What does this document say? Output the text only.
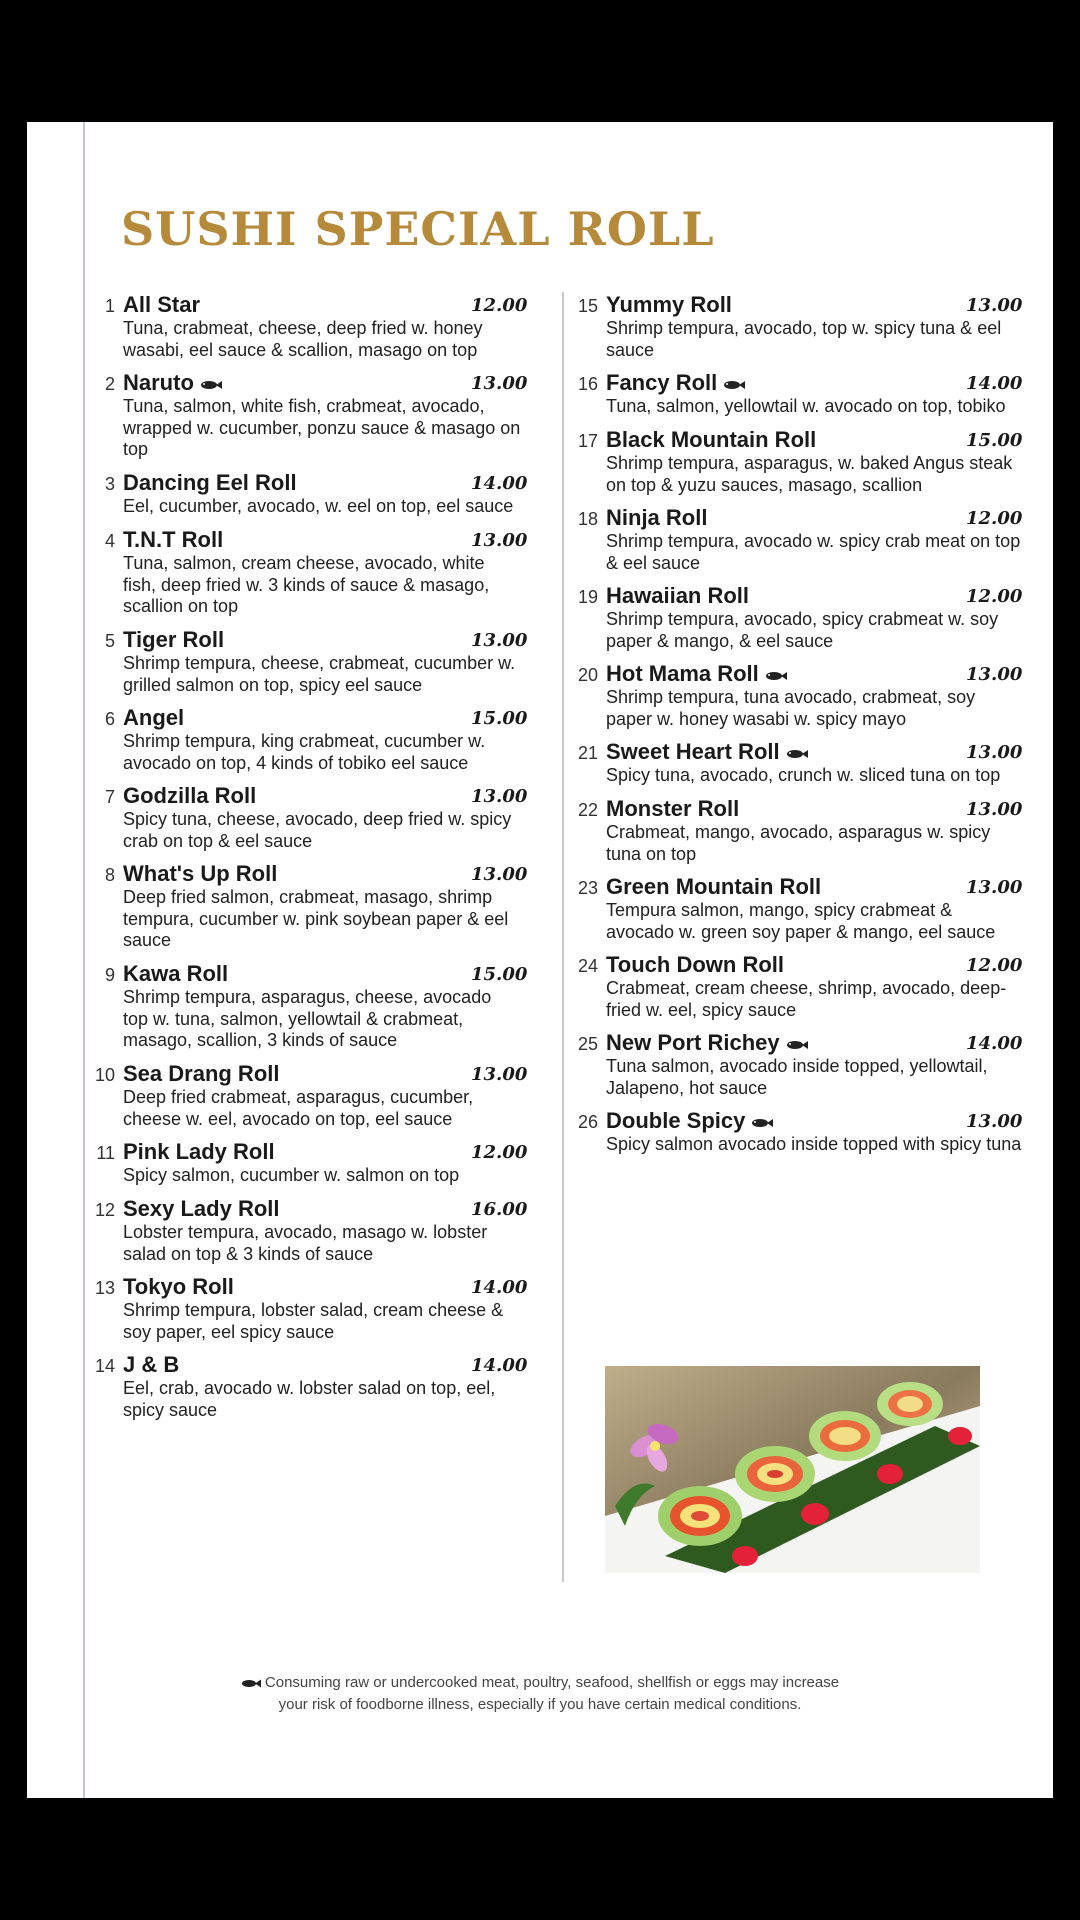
SUSHI SPECIAL ROLL
1 All Star	12.00
Tuna, crabmeat, cheese, deep fried w. honey wasabi, eel sauce & scallion, masago on top
2 Naruto	13.00
Tuna, salmon, white fish, crabmeat, avocado, wrapped w. cucumber, ponzu sauce & masago on top
3 Dancing Eel Roll	14.00
Eel, cucumber, avocado, w. eel on top, eel sauce
4 T.N.T Roll	13.00
Tuna, salmon, cream cheese, avocado, white fish, deep fried w. 3 kinds of sauce & masago, scallion on top
5 Tiger Roll	13.00
Shrimp tempura, cheese, crabmeat, cucumber w. grilled salmon on top, spicy eel sauce
6 Angel	15.00
Shrimp tempura, king crabmeat, cucumber w. avocado on top, 4 kinds of tobiko eel sauce
7 Godzilla Roll	13.00
Spicy tuna, cheese, avocado, deep fried w. spicy crab on top & eel sauce
8 What's Up Roll	13.00
Deep fried salmon, crabmeat, masago, shrimp tempura, cucumber w. pink soybean paper & eel sauce
9 Kawa Roll	15.00
Shrimp tempura, asparagus, cheese, avocado top w. tuna, salmon, yellowtail & crabmeat, masago, scallion, 3 kinds of sauce
10 Sea Drang Roll	13.00
Deep fried crabmeat, asparagus, cucumber, cheese w. eel, avocado on top, eel sauce
11 Pink Lady Roll	12.00
Spicy salmon, cucumber w. salmon on top
12 Sexy Lady Roll	16.00
Lobster tempura, avocado, masago w. lobster salad on top & 3 kinds of sauce
13 Tokyo Roll	14.00
Shrimp tempura, lobster salad, cream cheese & soy paper, eel spicy sauce
14 J & B	14.00
Eel, crab, avocado w. lobster salad on top, eel, spicy sauce
15 Yummy Roll	13.00
Shrimp tempura, avocado, top w. spicy tuna & eel sauce
16 Fancy Roll	14.00
Tuna, salmon, yellowtail w. avocado on top, tobiko
17 Black Mountain Roll	15.00
Shrimp tempura, asparagus, w. baked Angus steak on top & yuzu sauces, masago, scallion
18 Ninja Roll	12.00
Shrimp tempura, avocado w. spicy crab meat on top & eel sauce
19 Hawaiian Roll	12.00
Shrimp tempura, avocado, spicy crabmeat w. soy paper & mango, & eel sauce
20 Hot Mama Roll	13.00
Shrimp tempura, tuna avocado, crabmeat, soy paper w. honey wasabi w. spicy mayo
21 Sweet Heart Roll	13.00
Spicy tuna, avocado, crunch w. sliced tuna on top
22 Monster Roll	13.00
Crabmeat, mango, avocado, asparagus w. spicy tuna on top
23 Green Mountain Roll	13.00
Tempura salmon, mango, spicy crabmeat & avocado w. green soy paper & mango, eel sauce
24 Touch Down Roll	12.00
Crabmeat, cream cheese, shrimp, avocado, deep-fried w. eel, spicy sauce
25 New Port Richey	14.00
Tuna salmon, avocado inside topped, yellowtail, Jalapeno, hot sauce
26 Double Spicy	13.00
Spicy salmon avocado inside topped with spicy tuna
Consuming raw or undercooked meat, poultry, seafood, shellfish or eggs may increase
your risk of foodborne illness, especially if you have certain medical conditions.
